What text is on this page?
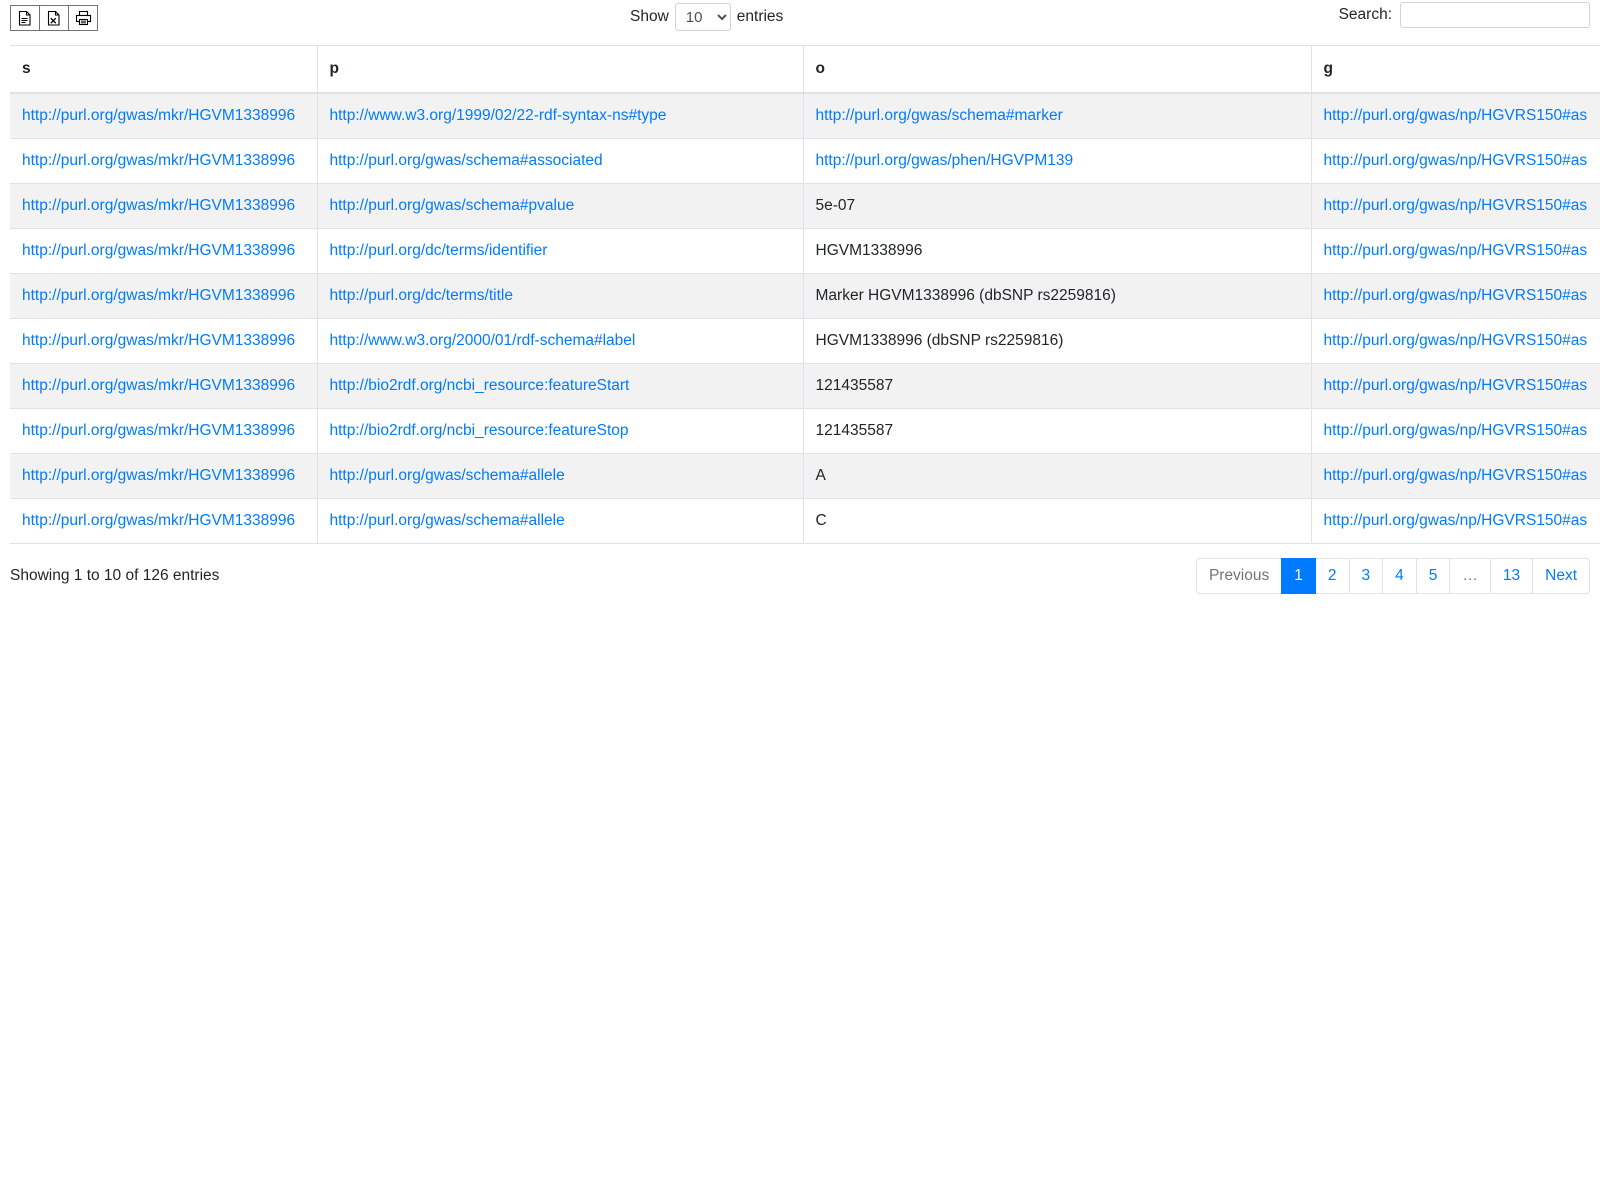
Show
10	entries	Search:
s	p	o	g
http://purl.org/gwas/mkr/HGVM1338996	http://www.w3.org/1999/02/22-rdf-syntax-ns#type	http://purl.org/gwas/schema#marker	http://purl.org/gwas/np/HGVRS150#as
http://purl.org/gwas/mkr/HGVM1338996	http://purl.org/gwas/schema#associated	http://purl.org/gwas/phen/HGVPM139	http://purl.org/gwas/np/HGVRS150#as
http://purl.org/gwas/mkr/HGVM1338996	http://purl.org/gwas/schema#pvalue	5e-07	http://purl.org/gwas/np/HGVRS150#as
http://purl.org/gwas/mkr/HGVM1338996	http://purl.org/dc/terms/identifier	HGVM1338996	http://purl.org/gwas/np/HGVRS150#as
http://purl.org/gwas/mkr/HGVM1338996	http://purl.org/dc/terms/title	Marker HGVM1338996 (dbSNP rs2259816)	http://purl.org/gwas/np/HGVRS150#as
http://purl.org/gwas/mkr/HGVM1338996	http://www.w3.org/2000/01/rdf-schema#label	HGVM1338996 (dbSNP rs2259816)	http://purl.org/gwas/np/HGVRS150#as
http://purl.org/gwas/mkr/HGVM1338996	http://bio2rdf.org/ncbi_resource:featureStart	121435587	http://purl.org/gwas/np/HGVRS150#as
http://purl.org/gwas/mkr/HGVM1338996	http://bio2rdf.org/ncbi_resource:featureStop	121435587	http://purl.org/gwas/np/HGVRS150#as
http://purl.org/gwas/mkr/HGVM1338996	http://purl.org/gwas/schema#allele	A	http://purl.org/gwas/np/HGVRS150#as
http://purl.org/gwas/mkr/HGVM1338996	http://purl.org/gwas/schema#allele	C	http://purl.org/gwas/np/HGVRS150#as
Showing 1 to 10 of 126 entries	Previous	1	2	3	4	5	…	13	Next
